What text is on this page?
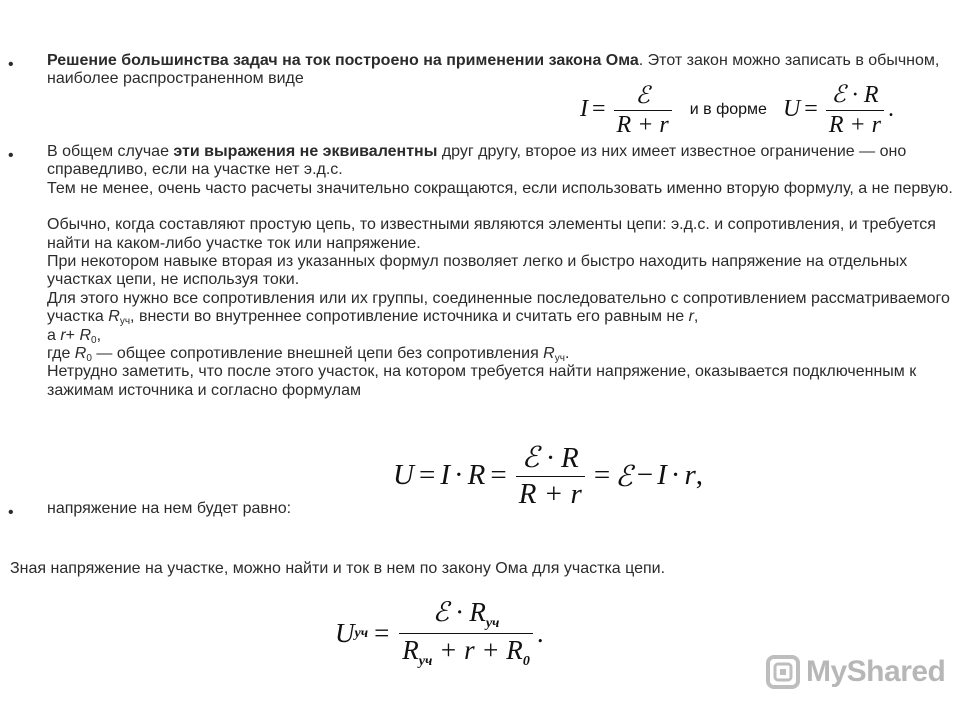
• Решение большинства задач на ток построено на применении закона Ома. Этот закон можно записать в обычном, наиболее распространенном виде

$I = \frac{\text{ℰ}}{R + r}$ и в форме $U = \frac{\text{ℰ · R}}{R + r}$ .
• В общем случае эти выражения не эквивалентны друг другу, второе из них имеет известное ограничение — оно справедливо, если на участке нет э.д.с.

Тем не менее, очень часто расчеты значительно сокращаются, если использовать именно вторую формулу, а не первую.

Обычно, когда составляют простую цепь, то известными являются элементы цепи: э.д.с. и сопротивления, и требуется найти на каком-либо участке ток или напряжение.

При некотором навыке вторая из указанных формул позволяет легко и быстро находить напряжение на отдельных участках цепи, не используя токи.

Для этого нужно все сопротивления или их группы, соединенные последовательно с сопротивлением рассматриваемого участка $R_{уч}$, внести во внутреннее сопротивление источника и считать его равным не r,

а $r+ R_0$,

где $R_0$ — общее сопротивление внешней цепи без сопротивления $R_{уч}$.

Нетрудно заметить, что после этого участок, на котором требуется найти напряжение, оказывается подключенным к зажимам источника и согласно формулам

$U = I \cdot R = \frac{\text{ℰ · R}}{R + r}$ = ℰ − I · r ,
• напряжение на нем будет равно:

Зная напряжение на участке, можно найти и ток в нем по закону Ома для участка цепи.
U уч = $\frac{ℰ \cdot R_{уч}}{R_{уч} + r + R_0}$ .
MyShared
